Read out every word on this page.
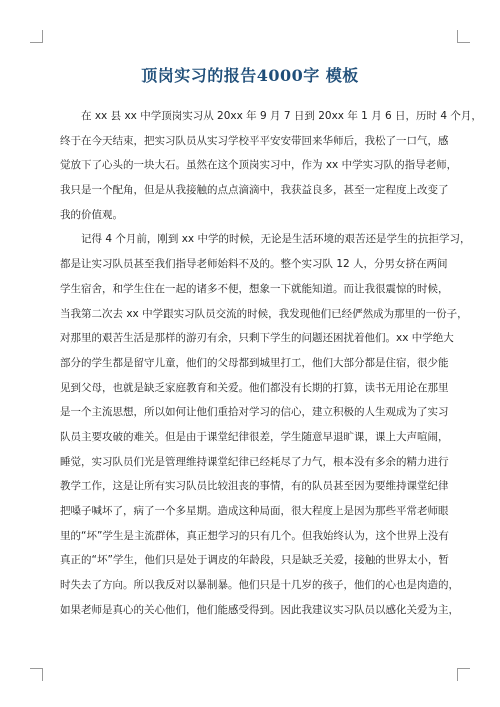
顶岗实习的报告4000字 模板
在 xx 县 xx 中学顶岗实习从 20xx 年 9 月 7 日到 20xx 年 1 月 6 日，历时 4 个月，
终于在今天结束，把实习队员从实习学校平平安安带回来华师后，我松了一口气，感
觉放下了心头的一块大石。虽然在这个顶岗实习中，作为 xx 中学实习队的指导老师，
我只是一个配角，但是从我接触的点点滴滴中，我获益良多，甚至一定程度上改变了
我的价值观。
记得 4 个月前，刚到 xx 中学的时候，无论是生活环境的艰苦还是学生的抗拒学习，
都是让实习队员甚至我们指导老师始料不及的。整个实习队 12 人，分男女挤在两间
学生宿舍，和学生住在一起的诸多不便，想象一下就能知道。而让我很震惊的时候，
当我第二次去 xx 中学跟实习队员交流的时候，我发现他们已经俨然成为那里的一份子，
对那里的艰苦生活是那样的游刃有余，只剩下学生的问题还困扰着他们。xx 中学绝大
部分的学生都是留守儿童，他们的父母都到城里打工，他们大部分都是住宿，很少能
见到父母，也就是缺乏家庭教育和关爱。他们都没有长期的打算，读书无用论在那里
是一个主流思想，所以如何让他们重拾对学习的信心，建立积极的人生观成为了实习
队员主要攻破的难关。但是由于课堂纪律很差，学生随意早退旷课，课上大声喧闹，
睡觉，实习队员们光是管理维持课堂纪律已经耗尽了力气，根本没有多余的精力进行
教学工作，这是让所有实习队员比较沮丧的事情，有的队员甚至因为要维持课堂纪律
把嗓子喊坏了，病了一个多星期。造成这种局面，很大程度上是因为那些平常老师眼
里的“坏”学生是主流群体，真正想学习的只有几个。但我始终认为，这个世界上没有
真正的“坏”学生，他们只是处于调皮的年龄段，只是缺乏关爱，接触的世界太小，暂
时失去了方向。所以我反对以暴制暴。他们只是十几岁的孩子，他们的心也是肉造的，
如果老师是真心的关心他们，他们能感受得到。因此我建议实习队员以感化关爱为主，
